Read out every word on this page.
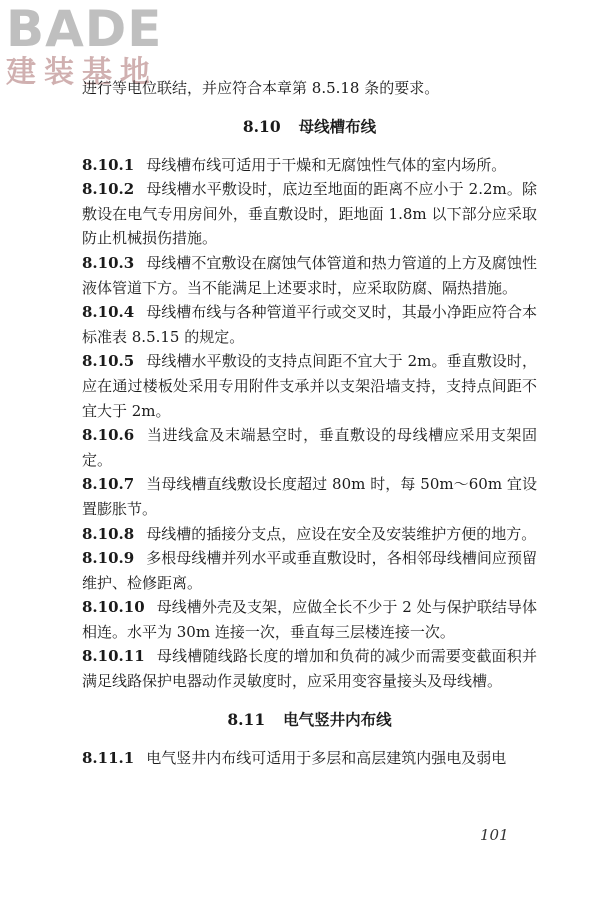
BADE
建装基地
进行等电位联结，并应符合本章第 8.5.18 条的要求。
8.10 母线槽布线
8.10.1 母线槽布线可适用于干燥和无腐蚀性气体的室内场所。
8.10.2 母线槽水平敷设时，底边至地面的距离不应小于 2.2m。除敷设在电气专用房间外，垂直敷设时，距地面 1.8m 以下部分应采取防止机械损伤措施。
8.10.3 母线槽不宜敷设在腐蚀气体管道和热力管道的上方及腐蚀性液体管道下方。当不能满足上述要求时，应采取防腐、隔热措施。
8.10.4 母线槽布线与各种管道平行或交叉时，其最小净距应符合本标准表 8.5.15 的规定。
8.10.5 母线槽水平敷设的支持点间距不宜大于 2m。垂直敷设时，应在通过楼板处采用专用附件支承并以支架沿墙支持，支持点间距不宜大于 2m。
8.10.6 当进线盒及末端悬空时，垂直敷设的母线槽应采用支架固定。
8.10.7 当母线槽直线敷设长度超过 80m 时，每 50m～60m 宜设置膨胀节。
8.10.8 母线槽的插接分支点，应设在安全及安装维护方便的地方。
8.10.9 多根母线槽并列水平或垂直敷设时，各相邻母线槽间应预留维护、检修距离。
8.10.10 母线槽外壳及支架，应做全长不少于 2 处与保护联结导体相连。水平为 30m 连接一次，垂直每三层楼连接一次。
8.10.11 母线槽随线路长度的增加和负荷的减少而需要变截面积并满足线路保护电器动作灵敏度时，应采用变容量接头及母线槽。
8.11 电气竖井内布线
8.11.1 电气竖井内布线可适用于多层和高层建筑内强电及弱电
101
